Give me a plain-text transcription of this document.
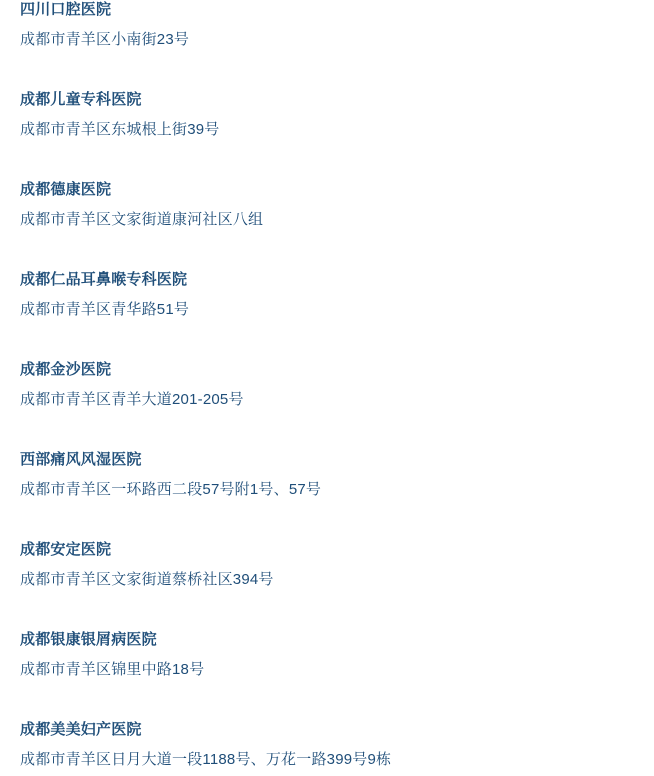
四川口腔医院
成都市青羊区小南街23号
成都儿童专科医院
成都市青羊区东城根上街39号
成都德康医院
成都市青羊区文家街道康河社区八组
成都仁品耳鼻喉专科医院
成都市青羊区青华路51号
成都金沙医院
成都市青羊区青羊大道201-205号
西部痛风风湿医院
成都市青羊区一环路西二段57号附1号、57号
成都安定医院
成都市青羊区文家街道蔡桥社区394号
成都银康银屑病医院
成都市青羊区锦里中路18号
成都美美妇产医院
成都市青羊区日月大道一段1188号、万花一路399号9栋
